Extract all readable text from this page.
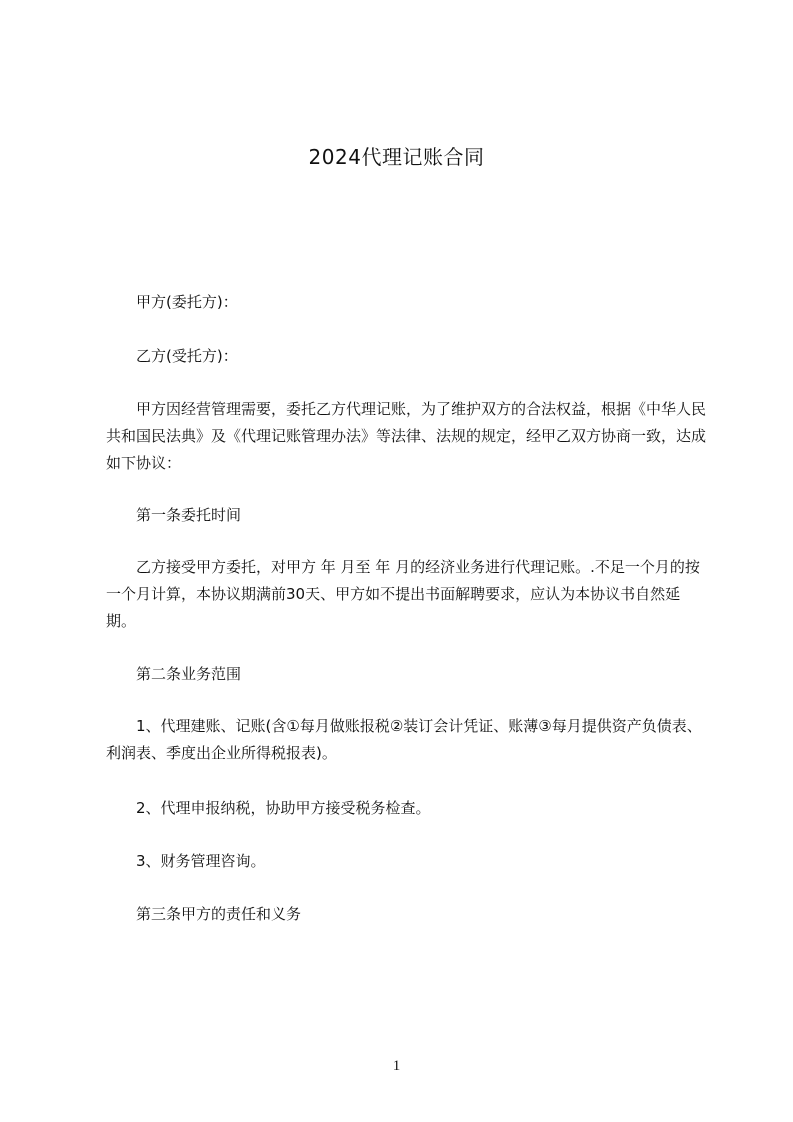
2024代理记账合同
甲方(委托方)：
乙方(受托方)：
甲方因经营管理需要，委托乙方代理记账，为了维护双方的合法权益，根据《中华人民共和国民法典》及《代理记账管理办法》等法律、法规的规定，经甲乙双方协商一致，达成如下协议：
第一条委托时间
乙方接受甲方委托，对甲方 年 月至 年 月的经济业务进行代理记账。.不足一个月的按一个月计算，本协议期满前30天、甲方如不提出书面解聘要求，应认为本协议书自然延期。
第二条业务范围
1、代理建账、记账(含①每月做账报税②装订会计凭证、账薄③每月提供资产负债表、利润表、季度出企业所得税报表)。
2、代理申报纳税，协助甲方接受税务检查。
3、财务管理咨询。
第三条甲方的责任和义务
1
